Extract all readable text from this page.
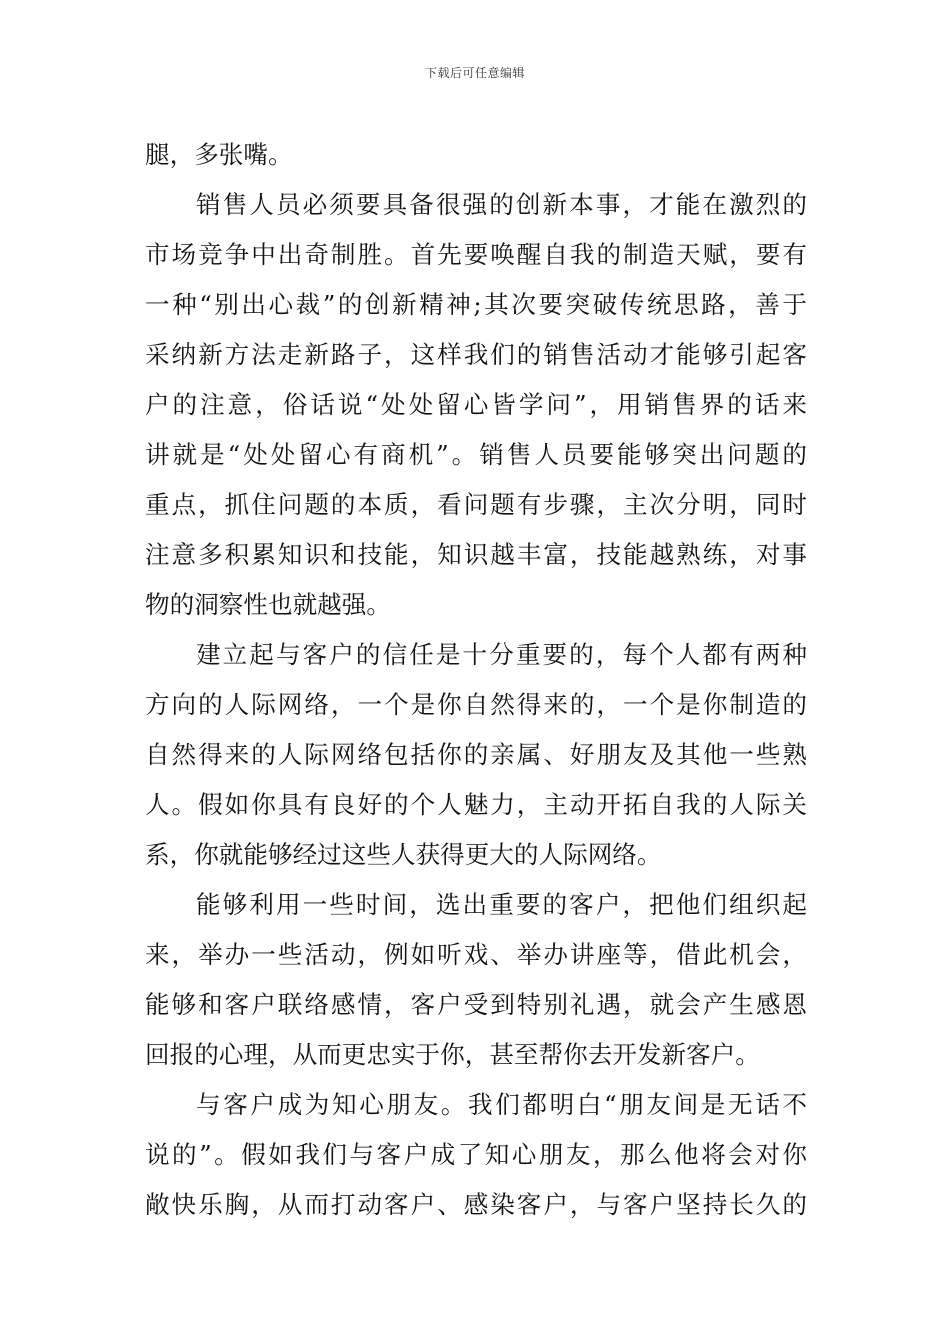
下载后可任意编辑
腿，多张嘴。
销售人员必须要具备很强的创新本事，才能在激烈的
市场竞争中出奇制胜。首先要唤醒自我的制造天赋，要有
一种“别出心裁”的创新精神;其次要突破传统思路，善于
采纳新方法走新路子，这样我们的销售活动才能够引起客
户的注意，俗话说“处处留心皆学问”，用销售界的话来
讲就是“处处留心有商机”。销售人员要能够突出问题的
重点，抓住问题的本质，看问题有步骤，主次分明，同时
注意多积累知识和技能，知识越丰富，技能越熟练，对事
物的洞察性也就越强。
建立起与客户的信任是十分重要的，每个人都有两种
方向的人际网络，一个是你自然得来的，一个是你制造的
自然得来的人际网络包括你的亲属、好朋友及其他一些熟
人。假如你具有良好的个人魅力，主动开拓自我的人际关
系，你就能够经过这些人获得更大的人际网络。
能够利用一些时间，选出重要的客户，把他们组织起
来，举办一些活动，例如听戏、举办讲座等，借此机会，
能够和客户联络感情，客户受到特别礼遇，就会产生感恩
回报的心理，从而更忠实于你，甚至帮你去开发新客户。
与客户成为知心朋友。我们都明白“朋友间是无话不
说的”。假如我们与客户成了知心朋友，那么他将会对你
敞快乐胸，从而打动客户、感染客户，与客户坚持长久的
